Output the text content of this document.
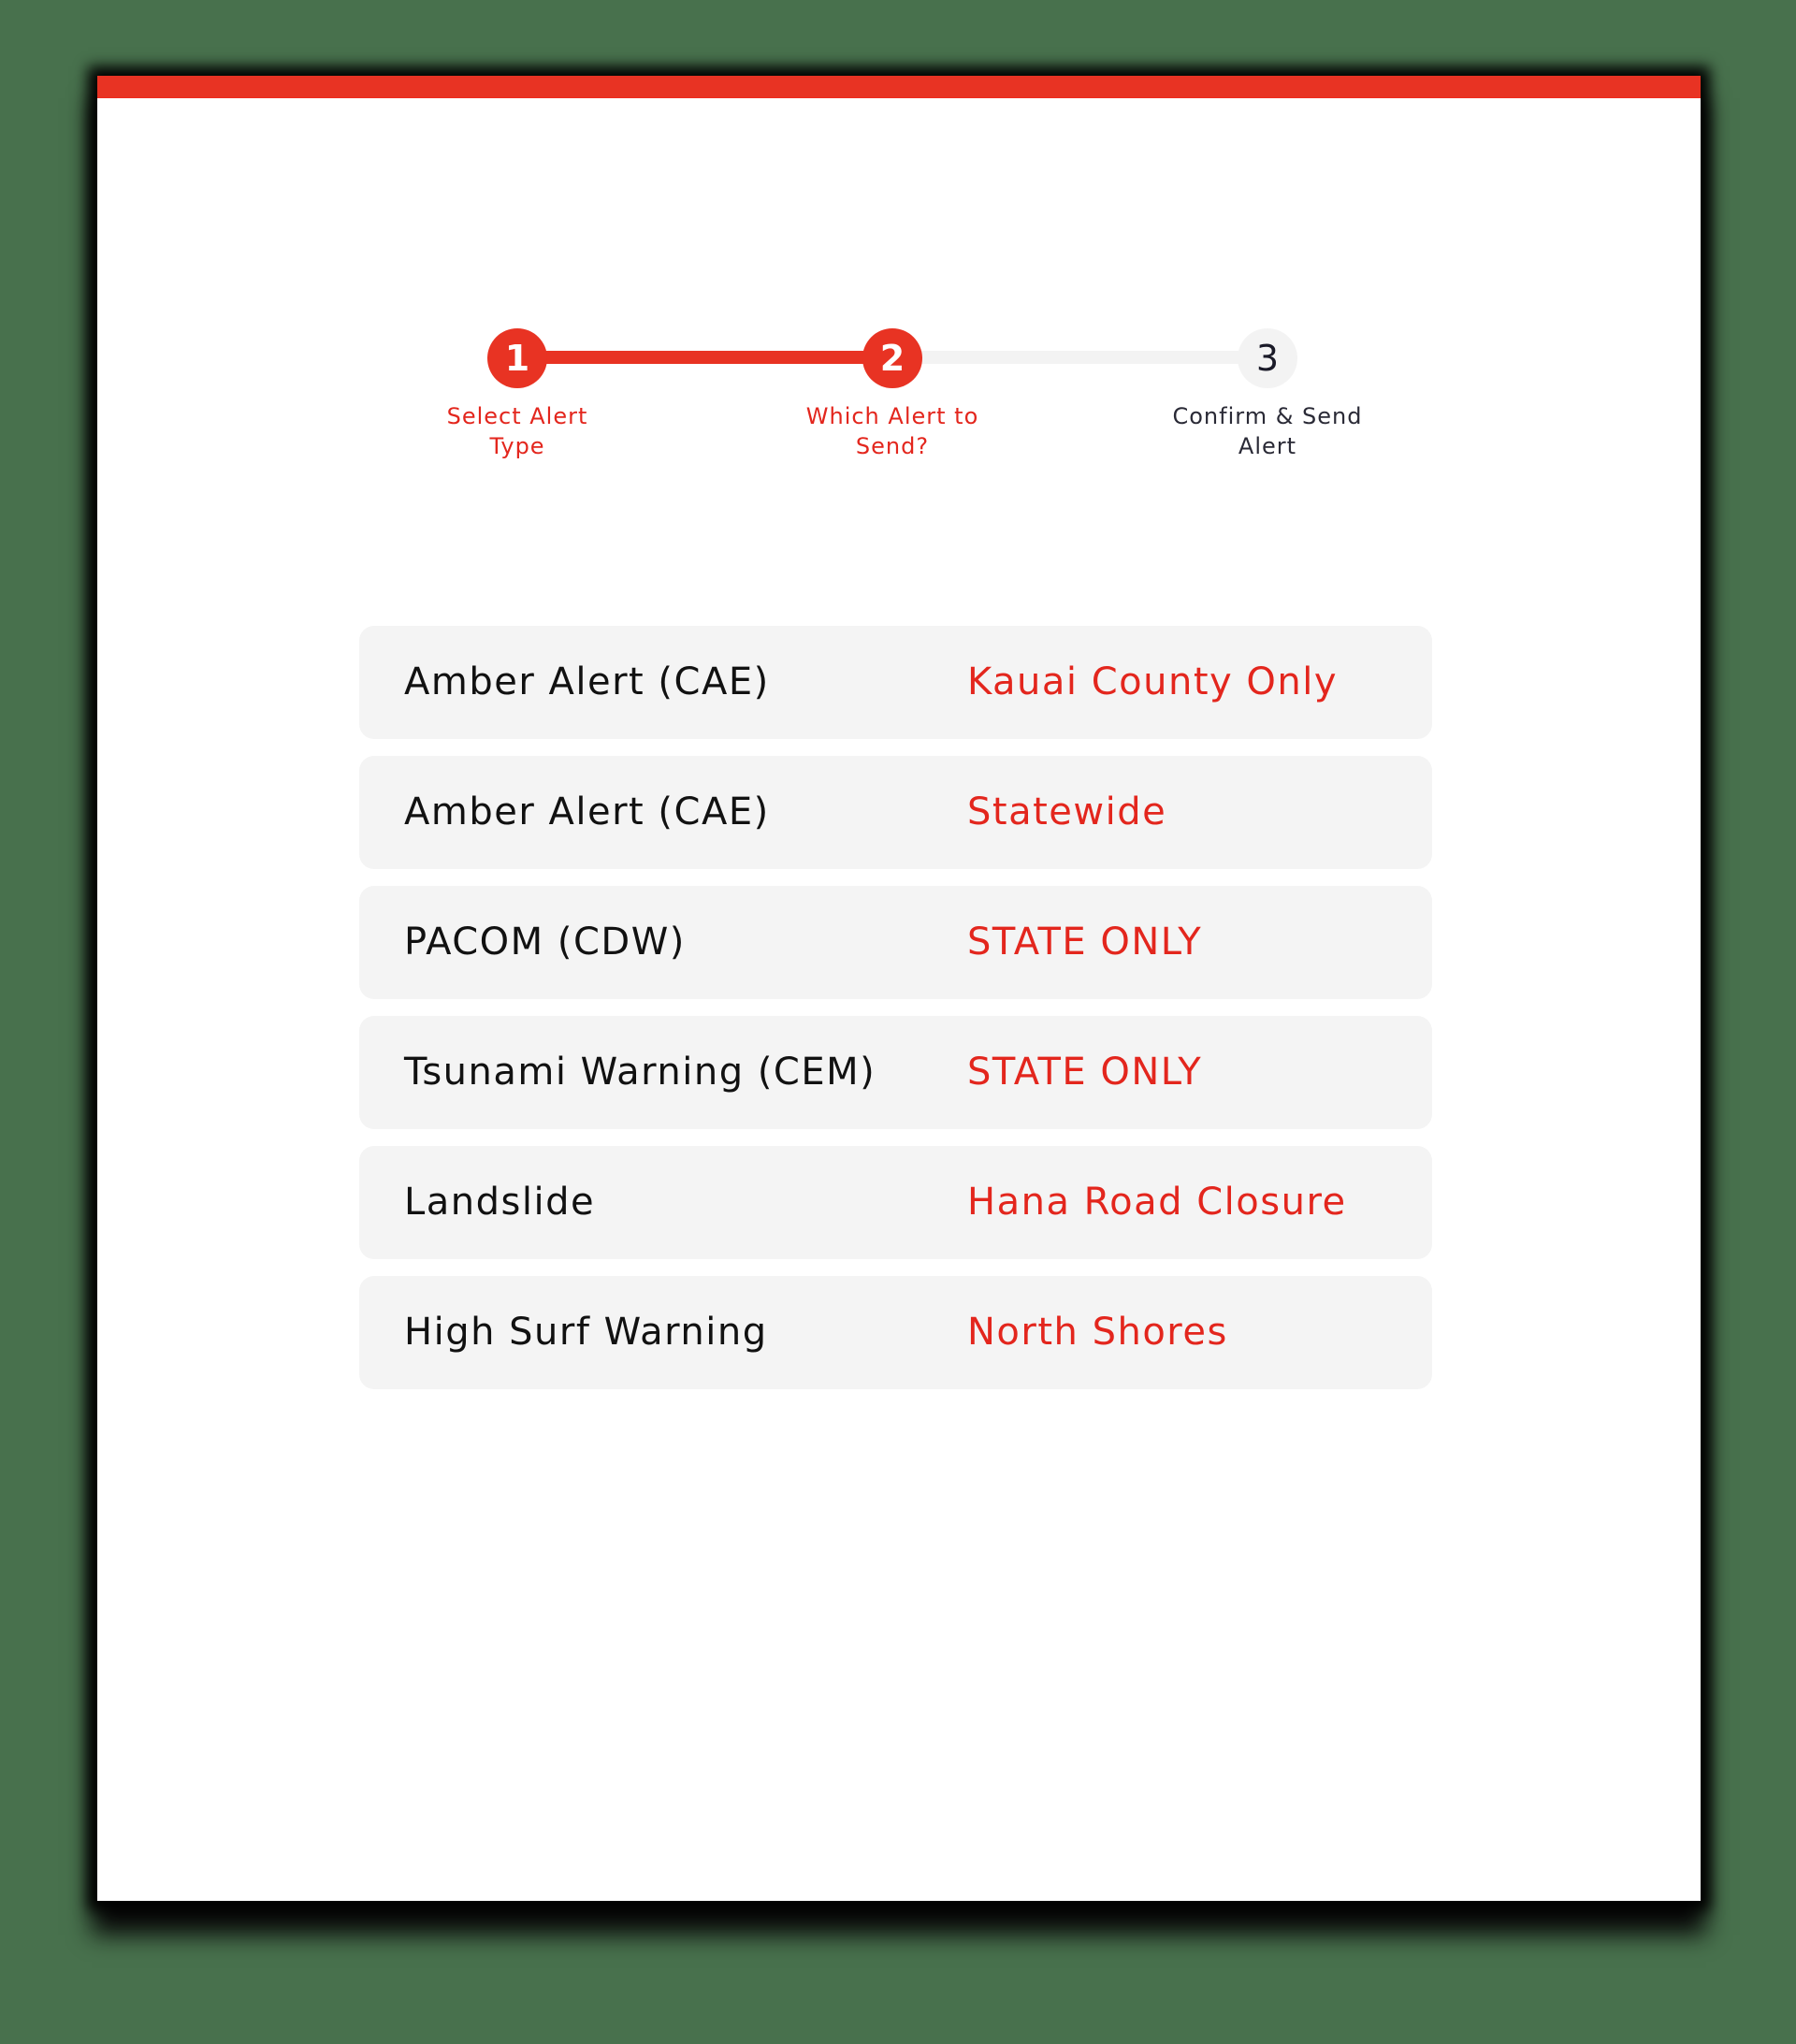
1
Select Alert
Type
2
Which Alert to
Send?
3
Confirm & Send
Alert
Amber Alert (CAE)	Kauai County Only
Amber Alert (CAE)	Statewide
PACOM (CDW)	STATE ONLY
Tsunami Warning (CEM) STATE ONLY
Landslide	Hana Road Closure
High Surf Warning	North Shores
